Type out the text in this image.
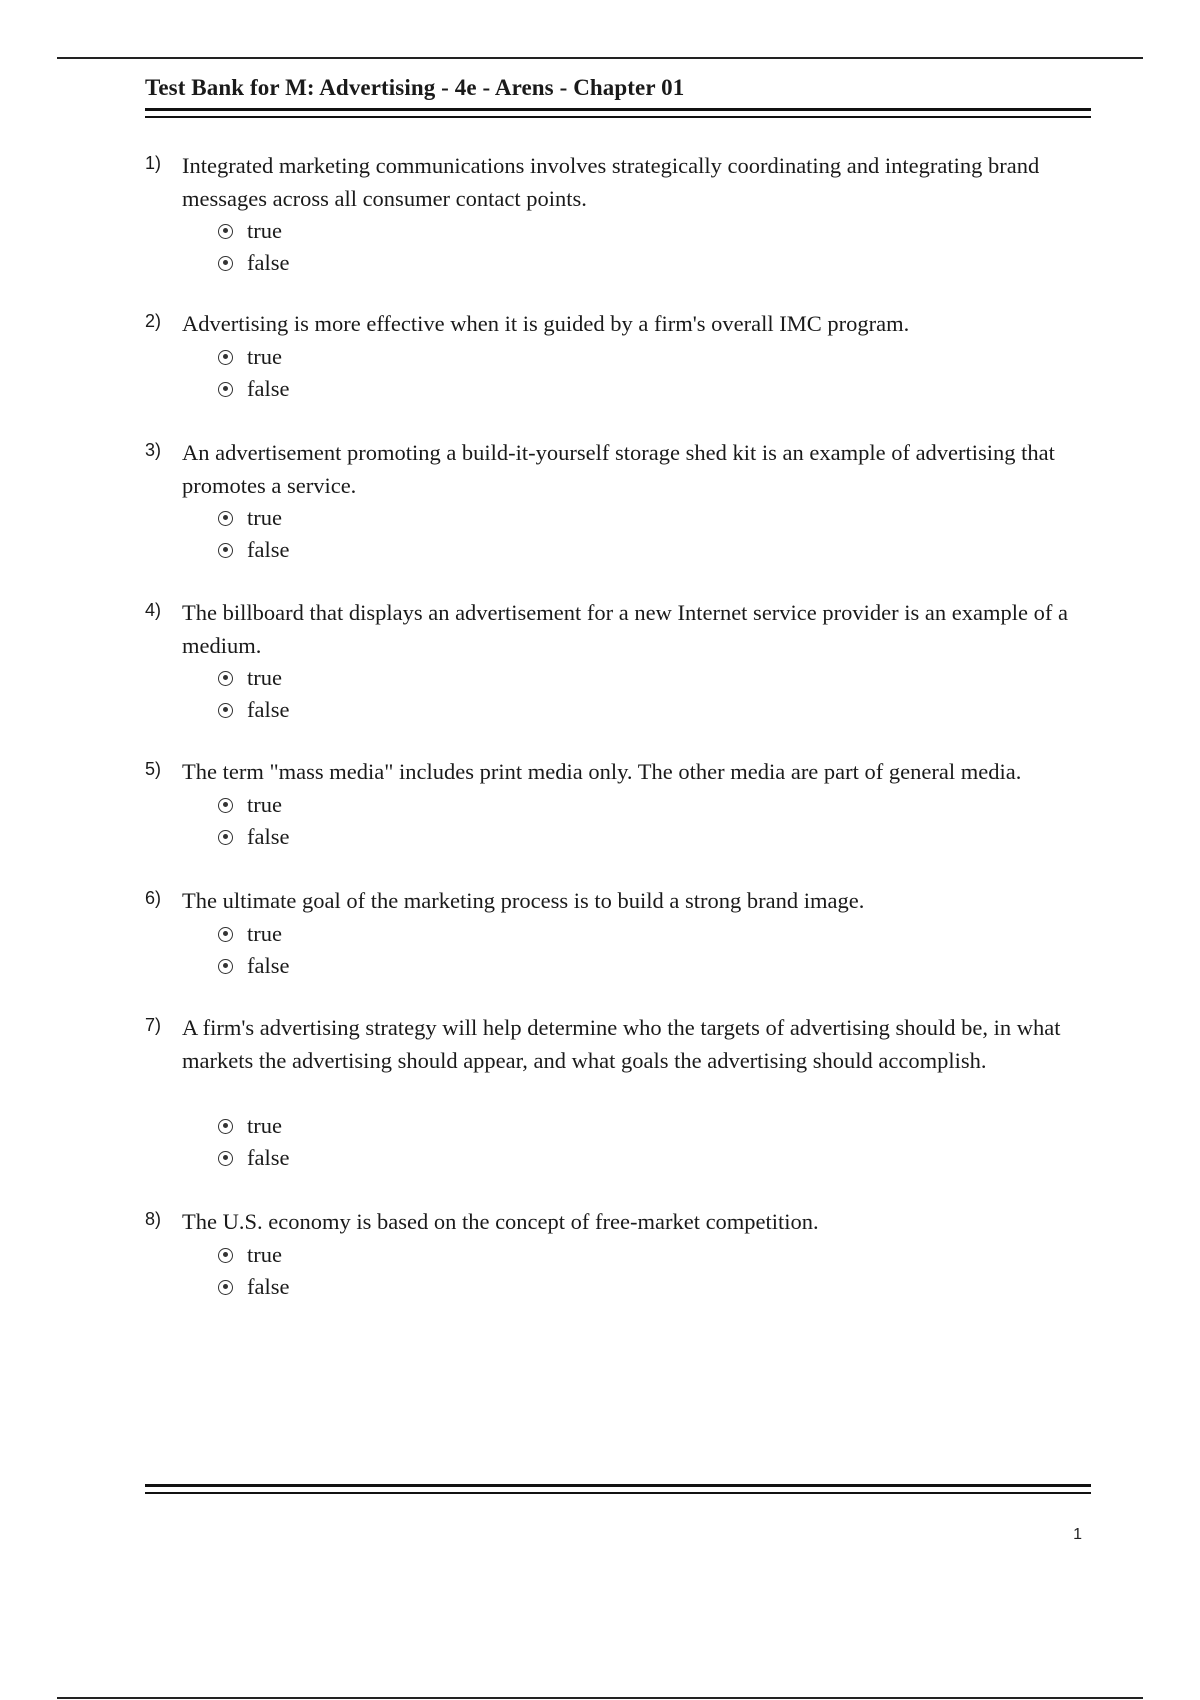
Test Bank for M: Advertising - 4e - Arens - Chapter 01
1) Integrated marketing communications involves strategically coordinating and integrating brand messages across all consumer contact points.
true
false
2) Advertising is more effective when it is guided by a firm's overall IMC program.
true
false
3) An advertisement promoting a build-it-yourself storage shed kit is an example of advertising that promotes a service.
true
false
4) The billboard that displays an advertisement for a new Internet service provider is an example of a medium.
true
false
5) The term "mass media" includes print media only. The other media are part of general media.
true
false
6) The ultimate goal of the marketing process is to build a strong brand image.
true
false
7) A firm's advertising strategy will help determine who the targets of advertising should be, in what markets the advertising should appear, and what goals the advertising should accomplish.
true
false
8) The U.S. economy is based on the concept of free-market competition.
true
false
1
